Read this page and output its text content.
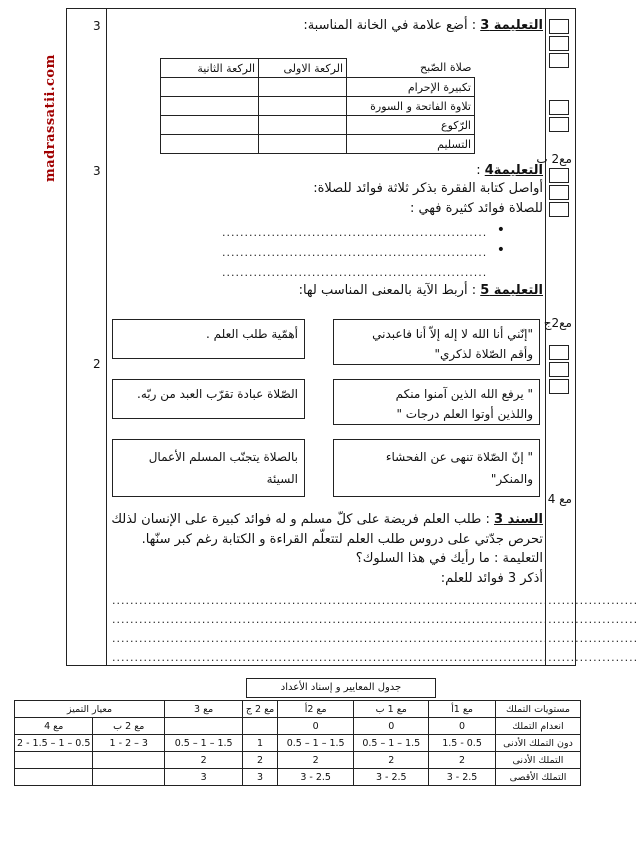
madrassatii.com
3
3
2
مع2 ب
مع2ج
مع 4
التعليمة 3 : أضع علامة في الخانة المناسبة:
صلاة الصّبح	الركعة الاولى	الركعة الثانية
تكبيرة الإحرام		
تلاوة الفاتحة و السورة		
الرّكوع		
التسليم		
التعليمة4 :
أواصل كتابة الفقرة بذكر ثلاثة فوائد للصلاة:
للصلاة فوائد كثيرة فهي :
•
...........................................................
•
...........................................................
...........................................................
التعليمة 5 : أربط الآية بالمعنى المناسب لها:
"إنّني أنا الله لا إله إلاّ أنا فاعبدني
وأقم الصّلاة لذكري"
" يرفع الله الذين آمنوا منكم
واللذين أوتوا العلم درجات "
" إنّ الصّلاة تنهى عن الفحشاء
والمنكر"
أهمّية طلب العلم .
الصّلاة عبادة تقرّب العبد من ربّه.
بالصلاة يتجنّب المسلم الأعمال
السيئة
السند 3 : طلب العلم فريضة على كلّ مسلم و له فوائد كبيرة على الإنسان لذلك
تحرص جدّتي على دروس طلب العلم لتتعلّم القراءة و الكتابة رغم كبر سنّها.
التعليمة : ما رأيك في هذا السلوك؟
أذكر 3 فوائد للعلم:
.....................................................................................................................
.....................................................................................................................
.....................................................................................................................
.....................................................................................................................
جدول المعايير و إسناد الأعداد
مستويات التملك	مع 1أ	مع 1 ب	مع 2أ	مع 2 ج	مع 3	معيار التميز	
انعدام التملك	0	0	0			مع 2 ب	مع 4
دون التملك الأدنى	0.5 - 1.5	1.5 – 1 – 0.5	1.5 – 1 – 0.5	1	1.5 – 1 – 0.5	3 – 2 - 1	0.5 – 1 – 1.5 - 2
التملك الأدنى	2	2	2	2	2		
التملك الأقصى	2.5 - 3	2.5 - 3	2.5 - 3	3	3		
